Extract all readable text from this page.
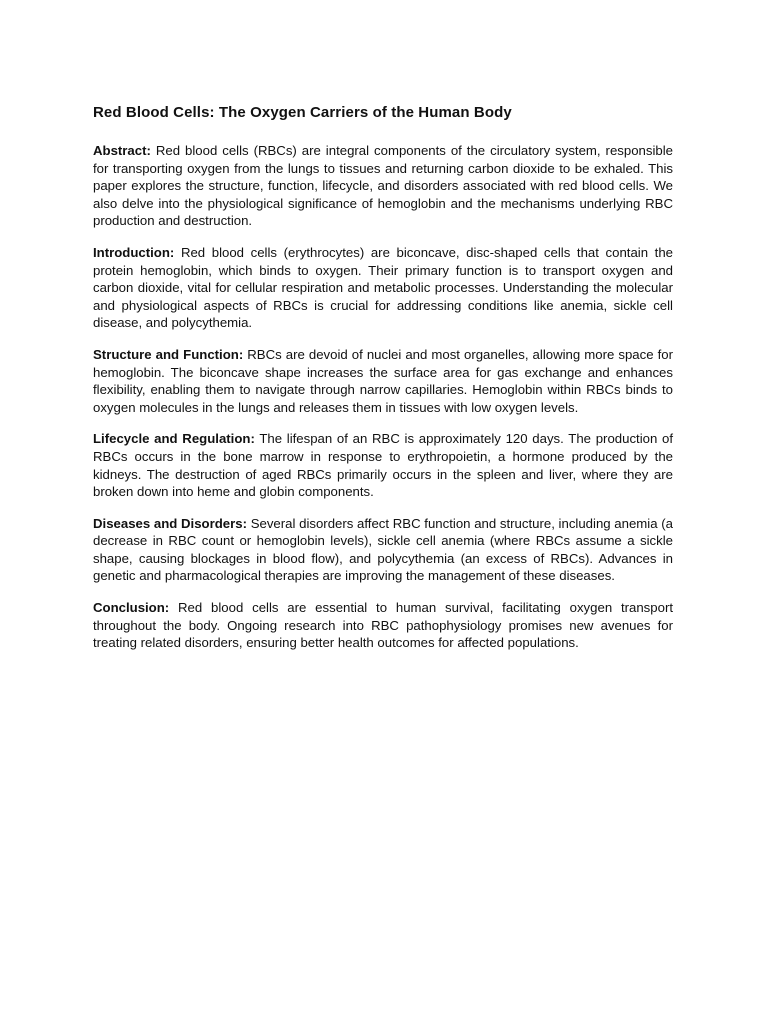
Red Blood Cells: The Oxygen Carriers of the Human Body

Abstract: Red blood cells (RBCs) are integral components of the circulatory system, responsible for transporting oxygen from the lungs to tissues and returning carbon dioxide to be exhaled. This paper explores the structure, function, lifecycle, and disorders associated with red blood cells. We also delve into the physiological significance of hemoglobin and the mechanisms underlying RBC production and destruction.

Introduction: Red blood cells (erythrocytes) are biconcave, disc-shaped cells that contain the protein hemoglobin, which binds to oxygen. Their primary function is to transport oxygen and carbon dioxide, vital for cellular respiration and metabolic processes. Understanding the molecular and physiological aspects of RBCs is crucial for addressing conditions like anemia, sickle cell disease, and polycythemia.

Structure and Function: RBCs are devoid of nuclei and most organelles, allowing more space for hemoglobin. The biconcave shape increases the surface area for gas exchange and enhances flexibility, enabling them to navigate through narrow capillaries. Hemoglobin within RBCs binds to oxygen molecules in the lungs and releases them in tissues with low oxygen levels.

Lifecycle and Regulation: The lifespan of an RBC is approximately 120 days. The production of RBCs occurs in the bone marrow in response to erythropoietin, a hormone produced by the kidneys. The destruction of aged RBCs primarily occurs in the spleen and liver, where they are broken down into heme and globin components.

Diseases and Disorders: Several disorders affect RBC function and structure, including anemia (a decrease in RBC count or hemoglobin levels), sickle cell anemia (where RBCs assume a sickle shape, causing blockages in blood flow), and polycythemia (an excess of RBCs). Advances in genetic and pharmacological therapies are improving the management of these diseases.

Conclusion: Red blood cells are essential to human survival, facilitating oxygen transport throughout the body. Ongoing research into RBC pathophysiology promises new avenues for treating related disorders, ensuring better health outcomes for affected populations.
